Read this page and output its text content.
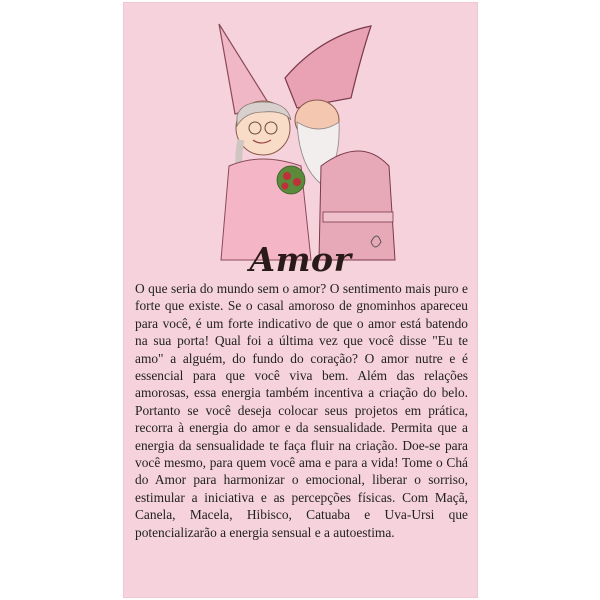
Amor
O que seria do mundo sem o amor? O sentimento mais puro e forte que existe. Se o casal amoroso de gnominhos apareceu para você, é um forte indicativo de que o amor está batendo na sua porta! Qual foi a última vez que você disse "Eu te amo" a alguém, do fundo do coração? O amor nutre e é essencial para que você viva bem. Além das relações amorosas, essa energia também incentiva a criação do belo. Portanto se você deseja colocar seus projetos em prática, recorra à energia do amor e da sensualidade. Permita que a energia da sensualidade te faça fluir na criação. Doe-se para você mesmo, para quem você ama e para a vida! Tome o Chá do Amor para harmonizar o emocional, liberar o sorriso, estimular a iniciativa e as percepções físicas. Com Maçã, Canela, Macela, Hibisco, Catuaba e Uva-Ursi que potencializarão a energia sensual e a autoestima.
